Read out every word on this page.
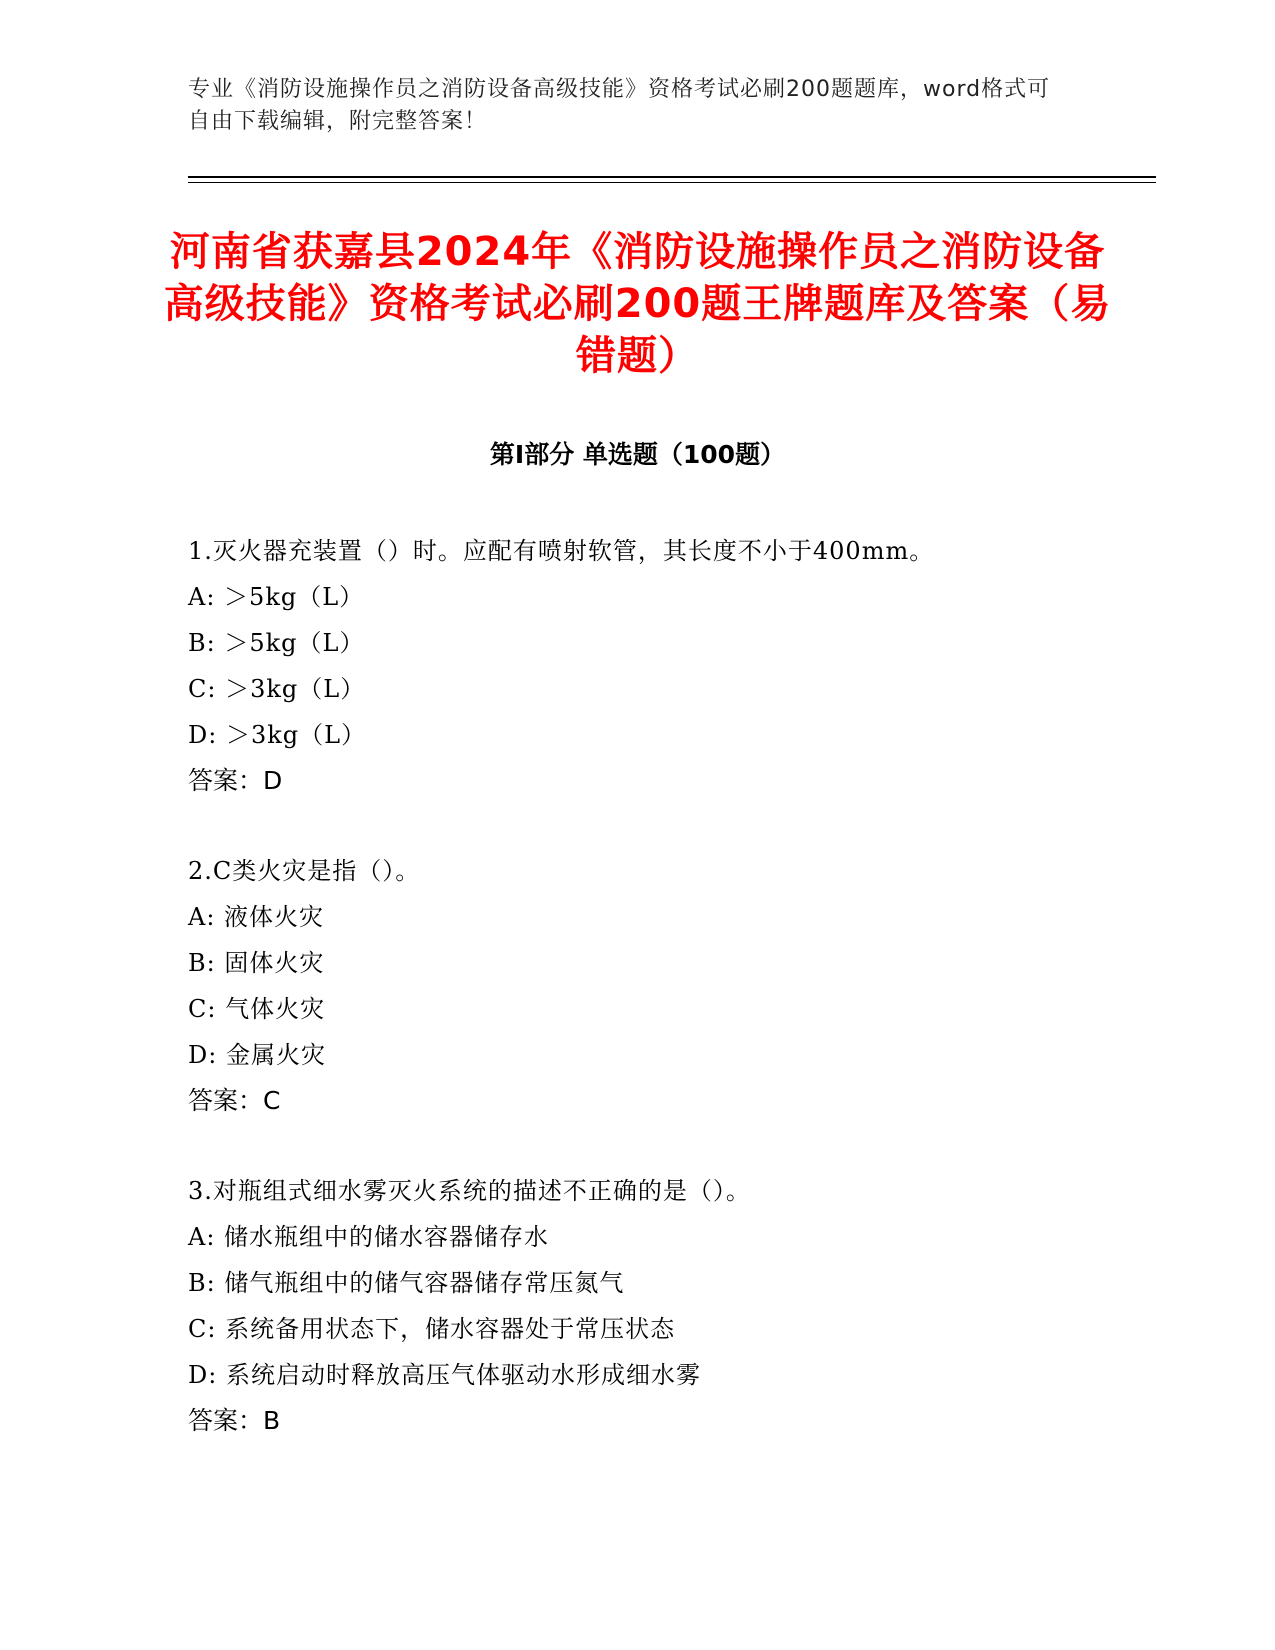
专业《消防设施操作员之消防设备高级技能》资格考试必刷200题题库，word格式可自由下载编辑，附完整答案！
河南省获嘉县2024年《消防设施操作员之消防设备高级技能》资格考试必刷200题王牌题库及答案（易错题）
第I部分 单选题（100题）
1.灭火器充装置（）时。应配有喷射软管，其长度不小于400mm。
A: ＞5kg（L）
B: ＞5kg（L）
C: ＞3kg（L）
D: ＞3kg（L）
答案：D
2.C类火灾是指（）。
A: 液体火灾
B: 固体火灾
C: 气体火灾
D: 金属火灾
答案：C
3.对瓶组式细水雾灭火系统的描述不正确的是（）。
A: 储水瓶组中的储水容器储存水
B: 储气瓶组中的储气容器储存常压氮气
C: 系统备用状态下，储水容器处于常压状态
D: 系统启动时释放高压气体驱动水形成细水雾
答案：B
